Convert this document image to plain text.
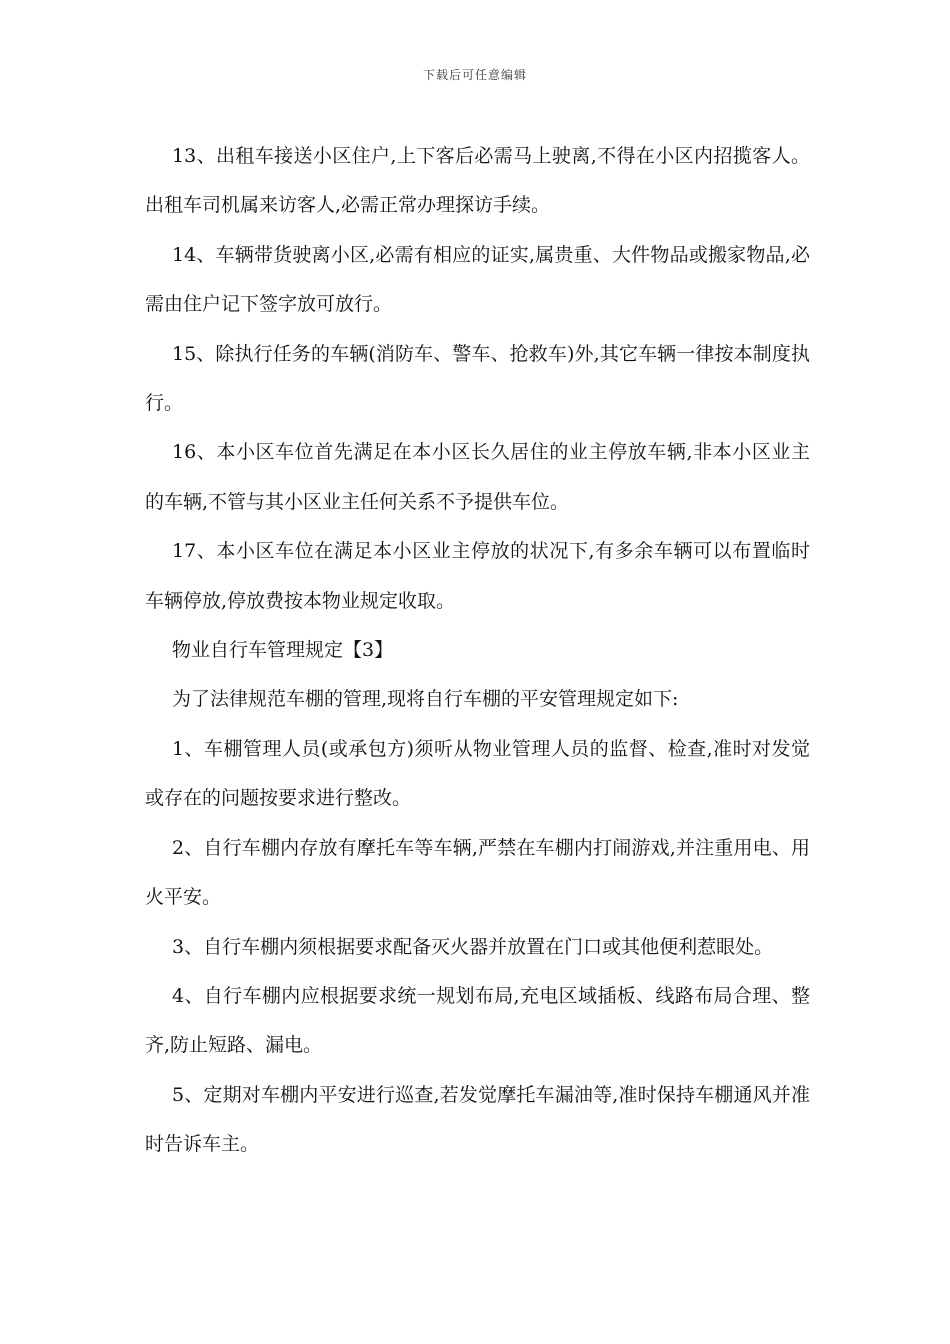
下载后可任意编辑

13、出租车接送小区住户,上下客后必需马上驶离,不得在小区内招揽客人。出租车司机属来访客人,必需正常办理探访手续。

14、车辆带货驶离小区,必需有相应的证实,属贵重、大件物品或搬家物品,必需由住户记下签字放可放行。

15、除执行任务的车辆(消防车、警车、抢救车)外,其它车辆一律按本制度执行。

16、本小区车位首先满足在本小区长久居住的业主停放车辆,非本小区业主的车辆,不管与其小区业主任何关系不予提供车位。

17、本小区车位在满足本小区业主停放的状况下,有多余车辆可以布置临时车辆停放,停放费按本物业规定收取。

物业自行车管理规定【3】

为了法律规范车棚的管理,现将自行车棚的平安管理规定如下:

1、车棚管理人员(或承包方)须听从物业管理人员的监督、检查,准时对发觉或存在的问题按要求进行整改。

2、自行车棚内存放有摩托车等车辆,严禁在车棚内打闹游戏,并注重用电、用火平安。

3、自行车棚内须根据要求配备灭火器并放置在门口或其他便利惹眼处。

4、自行车棚内应根据要求统一规划布局,充电区域插板、线路布局合理、整齐,防止短路、漏电。

5、定期对车棚内平安进行巡查,若发觉摩托车漏油等,准时保持车棚通风并准时告诉车主。
